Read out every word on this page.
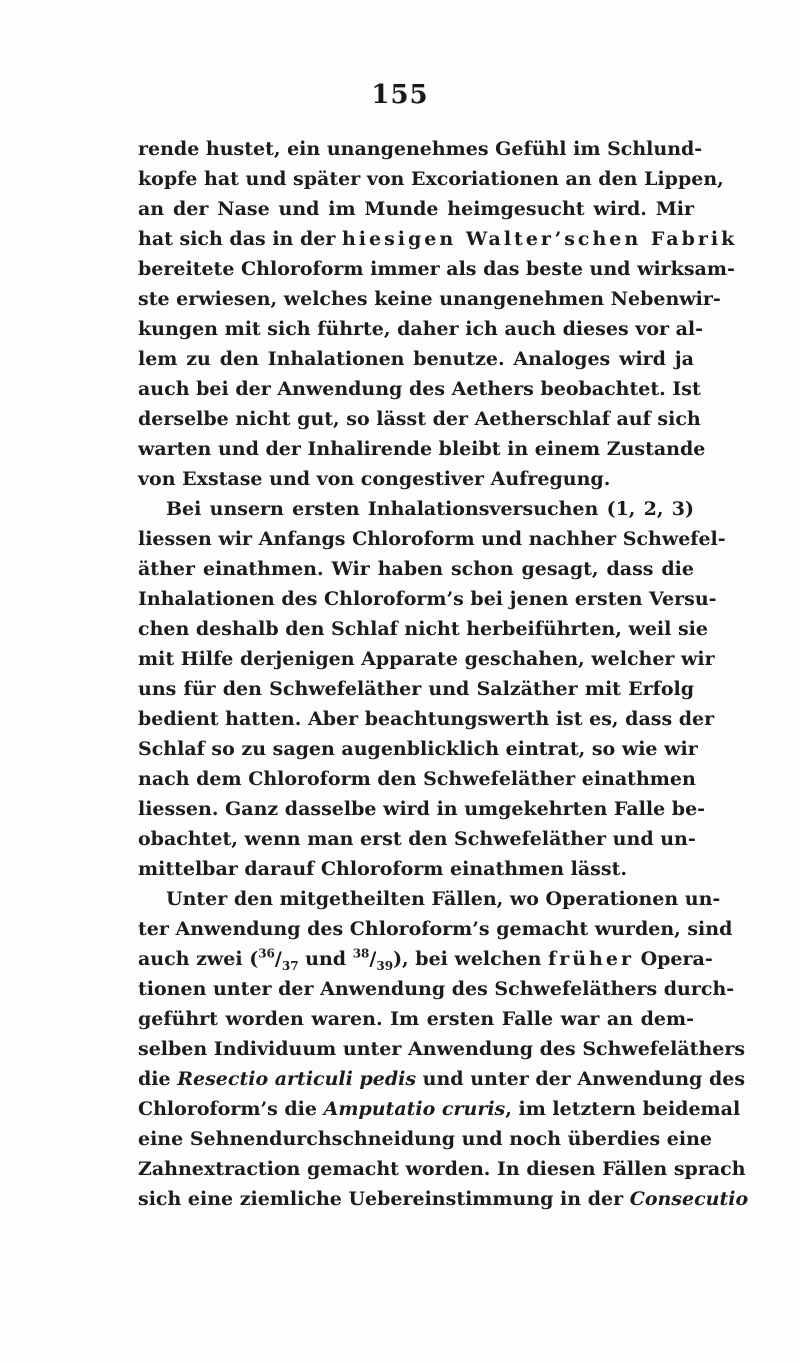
155
rende hustet, ein unangenehmes Gefühl im Schlund-
kopfe hat und später von Excoriationen an den Lippen,
an der Nase und im Munde heimgesucht wird. Mir
hat sich das in der hiesigen Walter’schen Fabrik
bereitete Chloroform immer als das beste und wirksam-
ste erwiesen, welches keine unangenehmen Nebenwir-
kungen mit sich führte, daher ich auch dieses vor al-
lem zu den Inhalationen benutze. Analoges wird ja
auch bei der Anwendung des Aethers beobachtet. Ist
derselbe nicht gut, so lässt der Aetherschlaf auf sich
warten und der Inhalirende bleibt in einem Zustande
von Exstase und von congestiver Aufregung.
Bei unsern ersten Inhalationsversuchen (1, 2, 3)
liessen wir Anfangs Chloroform und nachher Schwefel-
äther einathmen. Wir haben schon gesagt, dass die
Inhalationen des Chloroform’s bei jenen ersten Versu-
chen deshalb den Schlaf nicht herbeiführten, weil sie
mit Hilfe derjenigen Apparate geschahen, welcher wir
uns für den Schwefeläther und Salzäther mit Erfolg
bedient hatten. Aber beachtungswerth ist es, dass der
Schlaf so zu sagen augenblicklich eintrat, so wie wir
nach dem Chloroform den Schwefeläther einathmen
liessen. Ganz dasselbe wird in umgekehrten Falle be-
obachtet, wenn man erst den Schwefeläther und un-
mittelbar darauf Chloroform einathmen lässt.
Unter den mitgetheilten Fällen, wo Operationen un-
ter Anwendung des Chloroform’s gemacht wurden, sind
auch zwei ($^{36}/_{37}$ und $^{38}/_{39}$), bei welchen früher Opera-
tionen unter der Anwendung des Schwefeläthers durch-
geführt worden waren. Im ersten Falle war an dem-
selben Individuum unter Anwendung des Schwefeläthers
die Resectio articuli pedis und unter der Anwendung des
Chloroform’s die Amputatio cruris, im letztern beidemal
eine Sehnendurchschneidung und noch überdies eine
Zahnextraction gemacht worden. In diesen Fällen sprach
sich eine ziemliche Uebereinstimmung in der Consecutio
